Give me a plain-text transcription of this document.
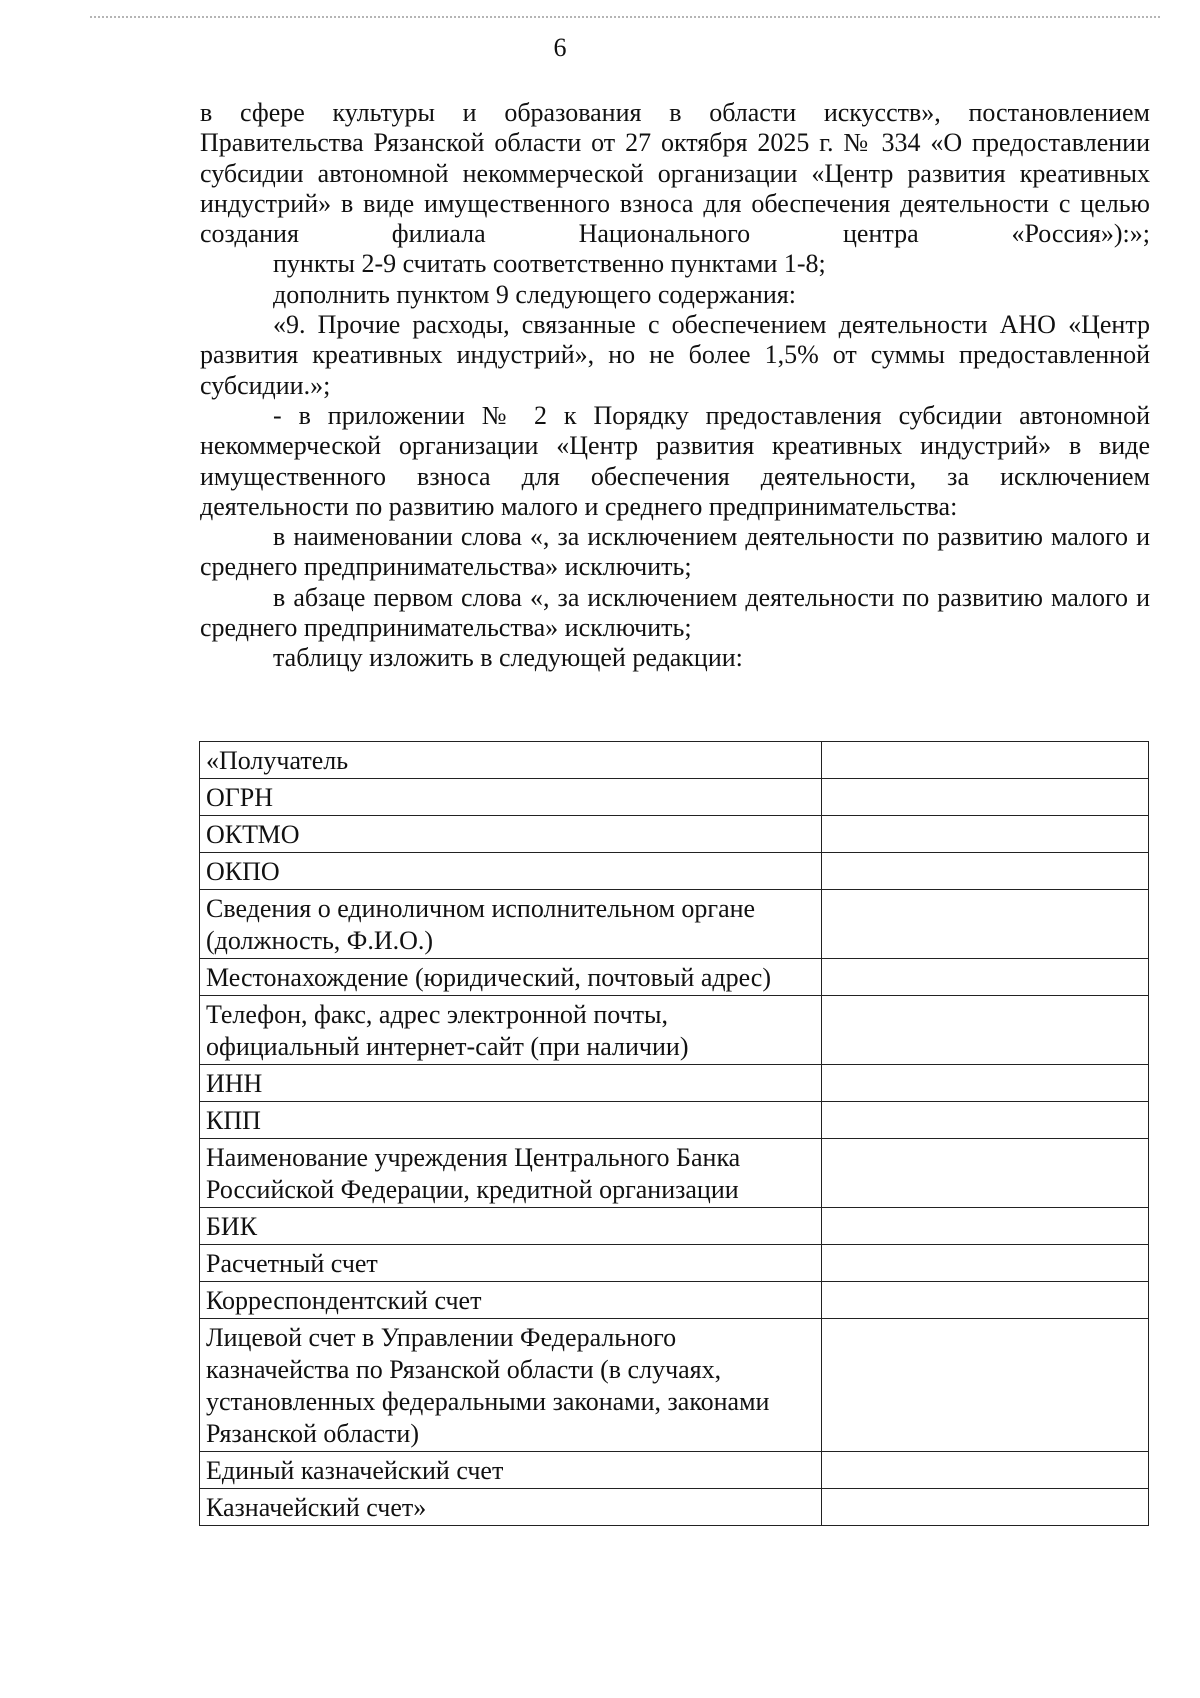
6

в сфере культуры и образования в области искусств», постановлением Правительства Рязанской области от 27 октября 2025 г. № 334 «О предоставлении субсидии автономной некоммерческой организации «Центр развития креативных индустрий» в виде имущественного взноса для обеспечения деятельности с целью создания филиала Национального центра «Россия»):»;

пункты 2-9 считать соответственно пунктами 1-8;

дополнить пунктом 9 следующего содержания:

«9. Прочие расходы, связанные с обеспечением деятельности АНО «Центр развития креативных индустрий», но не более 1,5% от суммы предоставленной субсидии.»;

- в приложении № 2 к Порядку предоставления субсидии автономной некоммерческой организации «Центр развития креативных индустрий» в виде имущественного взноса для обеспечения деятельности, за исключением деятельности по развитию малого и среднего предпринимательства:

в наименовании слова «, за исключением деятельности по развитию малого и среднего предпринимательства» исключить;

в абзаце первом слова «, за исключением деятельности по развитию малого и среднего предпринимательства» исключить;

таблицу изложить в следующей редакции:

«Получатель	
ОГРН	
ОКТМО	
ОКПО	
Сведения о единоличном исполнительном органе (должность, Ф.И.О.)	
Местонахождение (юридический, почтовый адрес)	
Телефон, факс, адрес электронной почты, официальный интернет-сайт (при наличии)	
ИНН	
КПП	
Наименование учреждения Центрального Банка Российской Федерации, кредитной организации	
БИК	
Расчетный счет	
Корреспондентский счет	
Лицевой счет в Управлении Федерального казначейства по Рязанской области (в случаях, установленных федеральными законами, законами Рязанской области)	
Единый казначейский счет	
Казначейский счет»	
